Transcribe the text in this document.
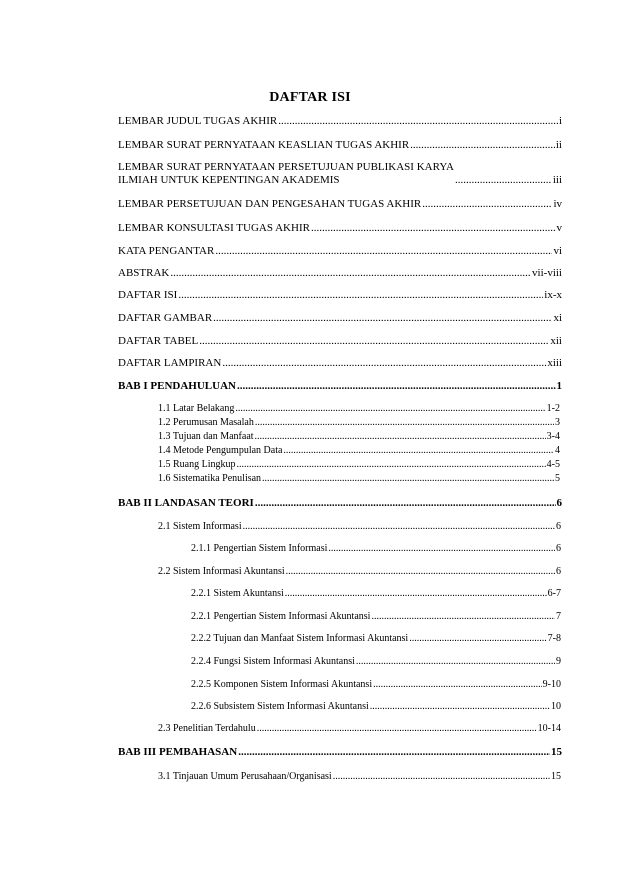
DAFTAR ISI
LEMBAR JUDUL TUGAS AKHIR .....	i
LEMBAR SURAT PERNYATAAN KEASLIAN TUGAS AKHIR .....	ii
LEMBAR SURAT PERNYATAAN PERSETUJUAN PUBLIKASI KARYA
ILMIAH UNTUK KEPENTINGAN AKADEMIS .....	iii
LEMBAR PERSETUJUAN DAN PENGESAHAN TUGAS AKHIR .....	iv
LEMBAR KONSULTASI TUGAS AKHIR .....	v
KATA PENGANTAR .....	vi
ABSTRAK .....	vii-viii
DAFTAR ISI .....	ix-x
DAFTAR GAMBAR .....	xi
DAFTAR TABEL .....	xii
DAFTAR LAMPIRAN .....	xiii
BAB I PENDAHULUAN .....	1
1.1 Latar Belakang .....	1-2
1.2 Perumusan Masalah .....	3
1.3 Tujuan dan Manfaat .....	3-4
1.4 Metode Pengumpulan Data .....	4
1.5 Ruang Lingkup .....	4-5
1.6 Sistematika Penulisan .....	5
BAB II LANDASAN TEORI .....	6
2.1 Sistem Informasi .....	6
2.1.1 Pengertian Sistem Informasi .....	6
2.2 Sistem Informasi Akuntansi .....	6
2.2.1 Sistem Akuntansi .....	6-7
2.2.1 Pengertian Sistem Informasi Akuntansi .....	7
2.2.2 Tujuan dan Manfaat Sistem Informasi Akuntansi .....	7-8
2.2.4 Fungsi Sistem Informasi Akuntansi .....	9
2.2.5 Komponen Sistem Informasi Akuntansi .....	9-10
2.2.6 Subsistem Sistem Informasi Akuntansi .....	10
2.3 Penelitian Terdahulu .....	10-14
BAB III PEMBAHASAN .....	15
3.1 Tinjauan Umum Perusahaan/Organisasi .....	15
